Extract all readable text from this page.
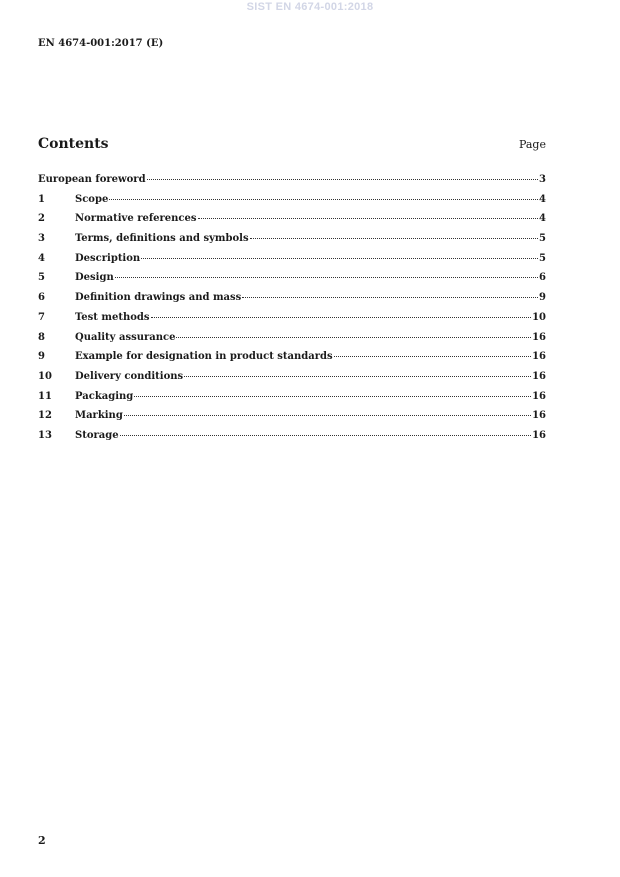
SIST EN 4674-001:2018
EN 4674-001:2017 (E)
Contents	Page
European foreword	3
1	Scope	4
2	Normative references	4
3	Terms, definitions and symbols	5
4	Description	5
5	Design	6
6	Definition drawings and mass	9
7	Test methods	10
8	Quality assurance	16
9	Example for designation in product standards	16
10	Delivery conditions	16
11	Packaging	16
12	Marking	16
13	Storage	16
2
